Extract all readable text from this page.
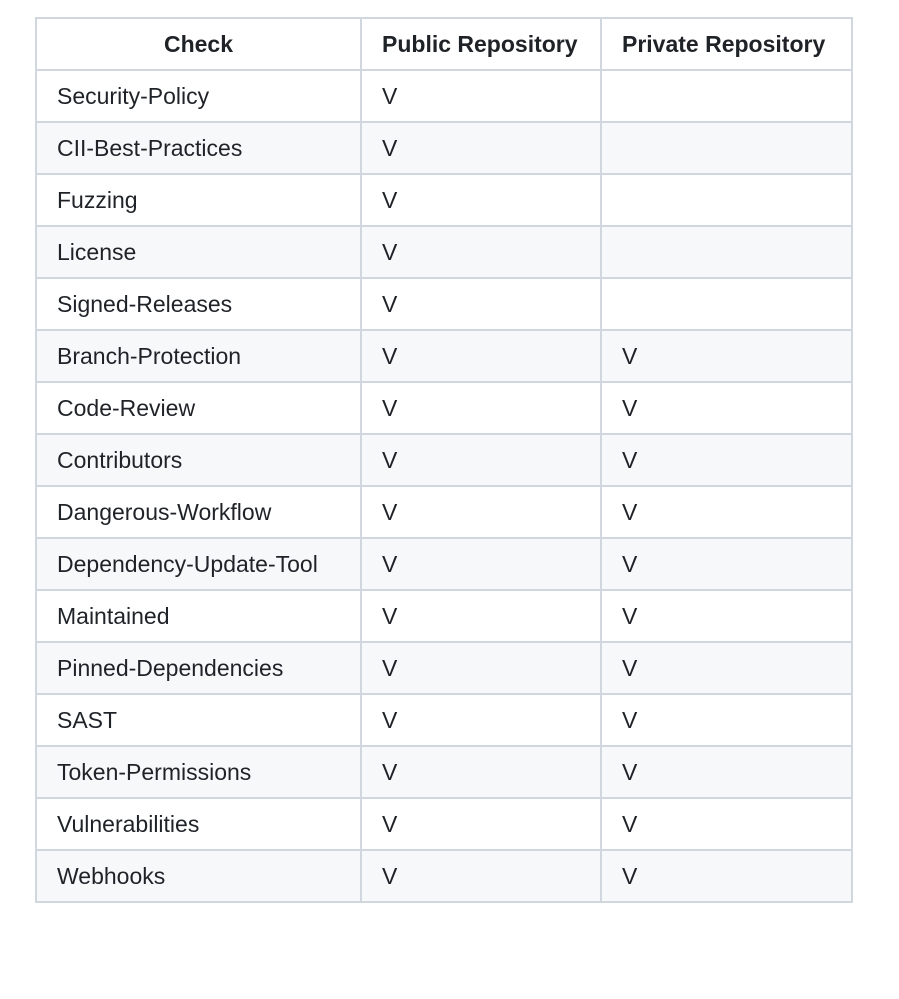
Check	Public Repository	Private Repository
Security-Policy	V	
CII-Best-Practices	V	
Fuzzing	V	
License	V	
Signed-Releases	V	
Branch-Protection	V	V
Code-Review	V	V
Contributors	V	V
Dangerous-Workflow	V	V
Dependency-Update-Tool	V	V
Maintained	V	V
Pinned-Dependencies	V	V
SAST	V	V
Token-Permissions	V	V
Vulnerabilities	V	V
Webhooks	V	V
